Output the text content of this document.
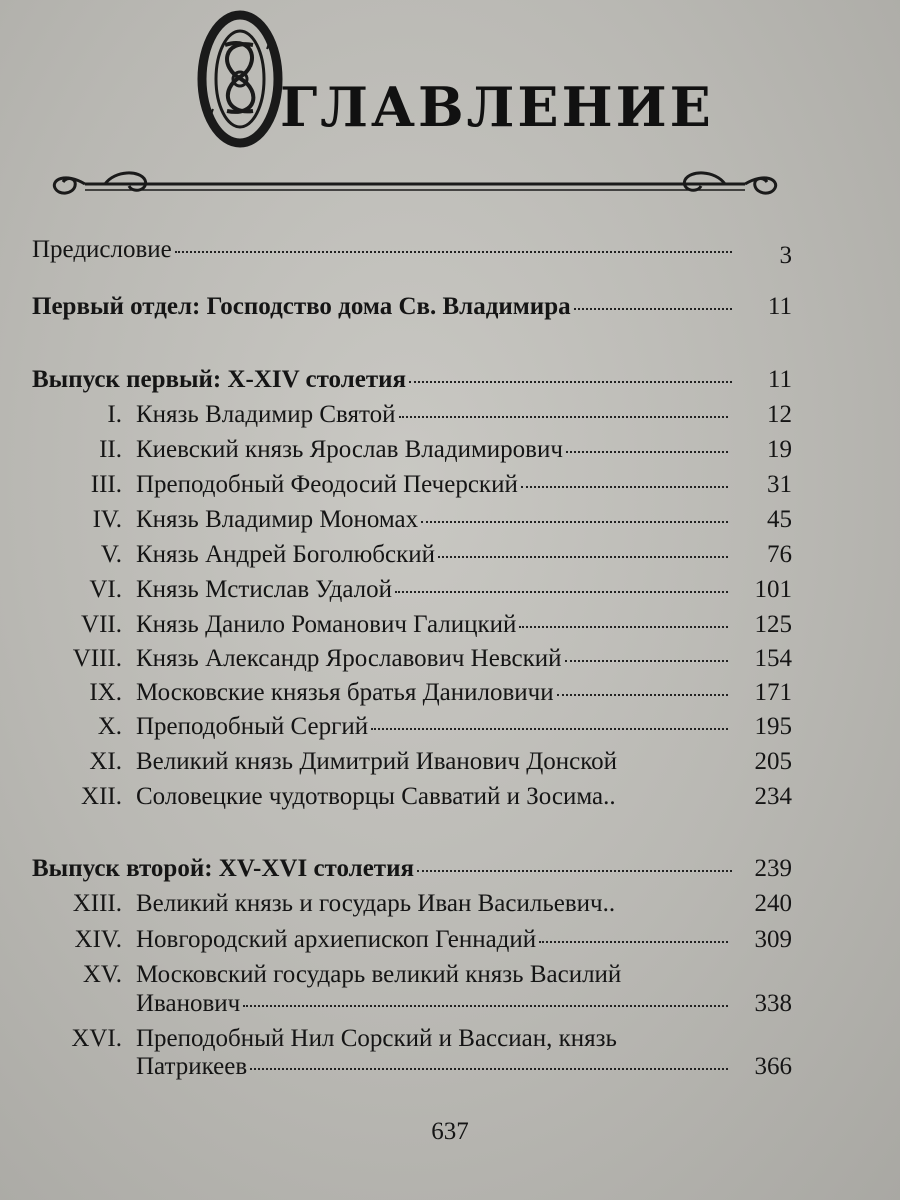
ГЛАВЛЕНИЕ
Предисловие	3
Первый отдел: Господство дома Св. Владимира	11
Выпуск первый: X-XIV столетия	11
I. Князь Владимир Святой	12
II. Киевский князь Ярослав Владимирович	19
III. Преподобный Феодосий Печерский	31
IV. Князь Владимир Мономах	45
V. Князь Андрей Боголюбский	76
VI. Князь Мстислав Удалой	101
VII. Князь Данило Романович Галицкий	125
VIII. Князь Александр Ярославович Невский	154
IX. Московские князья братья Даниловичи	171
X. Преподобный Сергий	195
XI. Великий князь Димитрий Иванович Донской	205
XII. Соловецкие чудотворцы Савватий и Зосима..	234
Выпуск второй: XV-XVI столетия	239
XIII. Великий князь и государь Иван Васильевич..	240
XIV. Новгородский архиепископ Геннадий	309
XV. Московский государь великий князь Василий
Иванович	338
XVI. Преподобный Нил Сорский и Вассиан, князь
Патрикеев	366
637
